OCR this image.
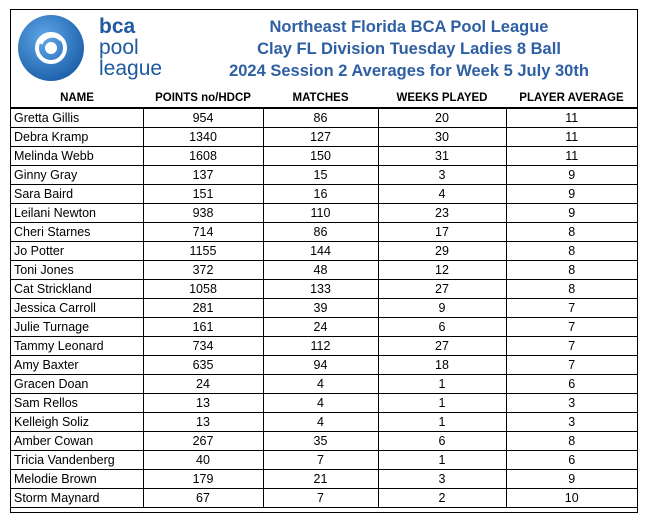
bca
pool
league
Northeast Florida BCA Pool League
Clay FL Division Tuesday Ladies 8 Ball
2024 Session 2 Averages for Week 5 July 30th
NAME	POINTS no/HDCP	MATCHES	WEEKS PLAYED	PLAYER AVERAGE
Gretta Gillis	954	86	20	11
Debra Kramp	1340	127	30	11
Melinda Webb	1608	150	31	11
Ginny Gray	137	15	3	9
Sara Baird	151	16	4	9
Leilani Newton	938	110	23	9
Cheri Starnes	714	86	17	8
Jo Potter	1155	144	29	8
Toni Jones	372	48	12	8
Cat Strickland	1058	133	27	8
Jessica Carroll	281	39	9	7
Julie Turnage	161	24	6	7
Tammy Leonard	734	112	27	7
Amy Baxter	635	94	18	7
Gracen Doan	24	4	1	6
Sam Rellos	13	4	1	3
Kelleigh Soliz	13	4	1	3
Amber Cowan	267	35	6	8
Tricia Vandenberg	40	7	1	6
Melodie Brown	179	21	3	9
Storm Maynard	67	7	2	10
